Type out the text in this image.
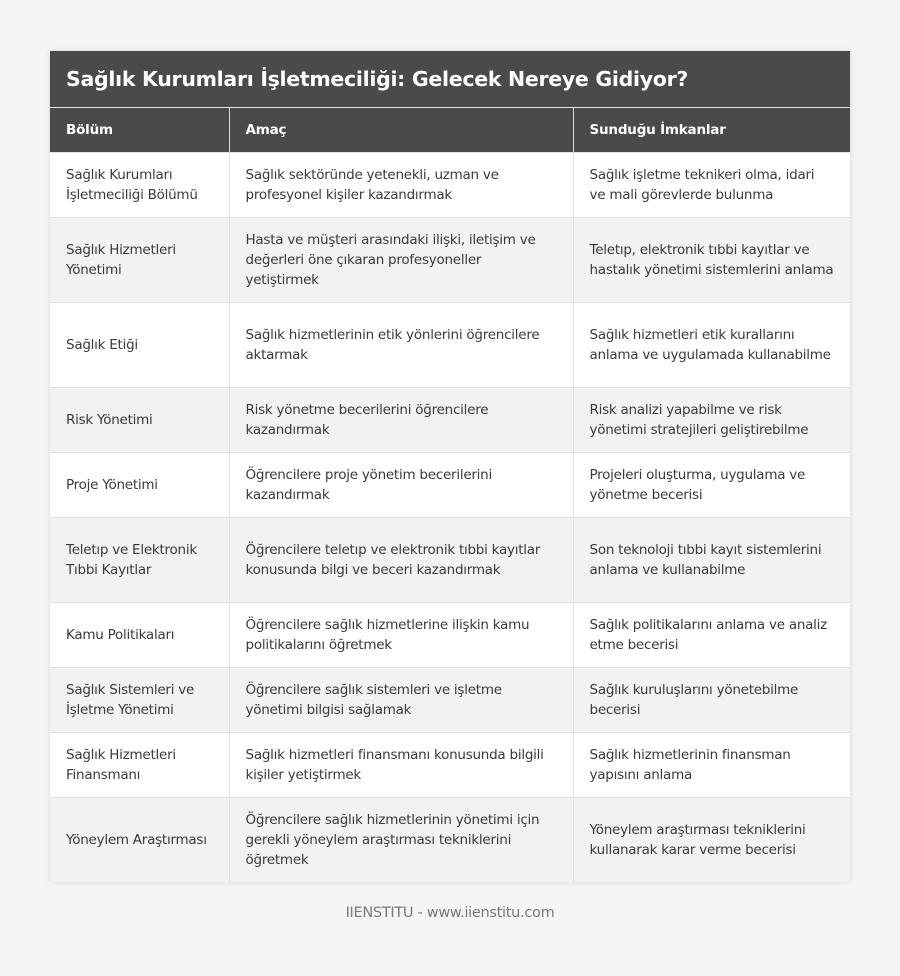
Sağlık Kurumları İşletmeciliği: Gelecek Nereye Gidiyor?
Bölüm	Amaç	Sunduğu İmkanlar
Sağlık Kurumları İşletmeciliği Bölümü	Sağlık sektöründe yetenekli, uzman ve profesyonel kişiler kazandırmak	Sağlık işletme teknikeri olma, idari ve mali görevlerde bulunma
Sağlık Hizmetleri Yönetimi	Hasta ve müşteri arasındaki ilişki, iletişim ve değerleri öne çıkaran profesyoneller yetiştirmek	Teletıp, elektronik tıbbi kayıtlar ve hastalık yönetimi sistemlerini anlama
Sağlık Etiği	Sağlık hizmetlerinin etik yönlerini öğrencilere aktarmak	Sağlık hizmetleri etik kurallarını anlama ve uygulamada kullanabilme
Risk Yönetimi	Risk yönetme becerilerini öğrencilere kazandırmak	Risk analizi yapabilme ve risk yönetimi stratejileri geliştirebilme
Proje Yönetimi	Öğrencilere proje yönetim becerilerini kazandırmak	Projeleri oluşturma, uygulama ve yönetme becerisi
Teletıp ve Elektronik Tıbbi Kayıtlar	Öğrencilere teletıp ve elektronik tıbbi kayıtlar konusunda bilgi ve beceri kazandırmak	Son teknoloji tıbbi kayıt sistemlerini anlama ve kullanabilme
Kamu Politikaları	Öğrencilere sağlık hizmetlerine ilişkin kamu politikalarını öğretmek	Sağlık politikalarını anlama ve analiz etme becerisi
Sağlık Sistemleri ve İşletme Yönetimi	Öğrencilere sağlık sistemleri ve işletme yönetimi bilgisi sağlamak	Sağlık kuruluşlarını yönetebilme becerisi
Sağlık Hizmetleri Finansmanı	Sağlık hizmetleri finansmanı konusunda bilgili kişiler yetiştirmek	Sağlık hizmetlerinin finansman yapısını anlama
Yöneylem Araştırması	Öğrencilere sağlık hizmetlerinin yönetimi için gerekli yöneylem araştırması tekniklerini öğretmek	Yöneylem araştırması tekniklerini kullanarak karar verme becerisi
IIENSTITU - www.iienstitu.com
